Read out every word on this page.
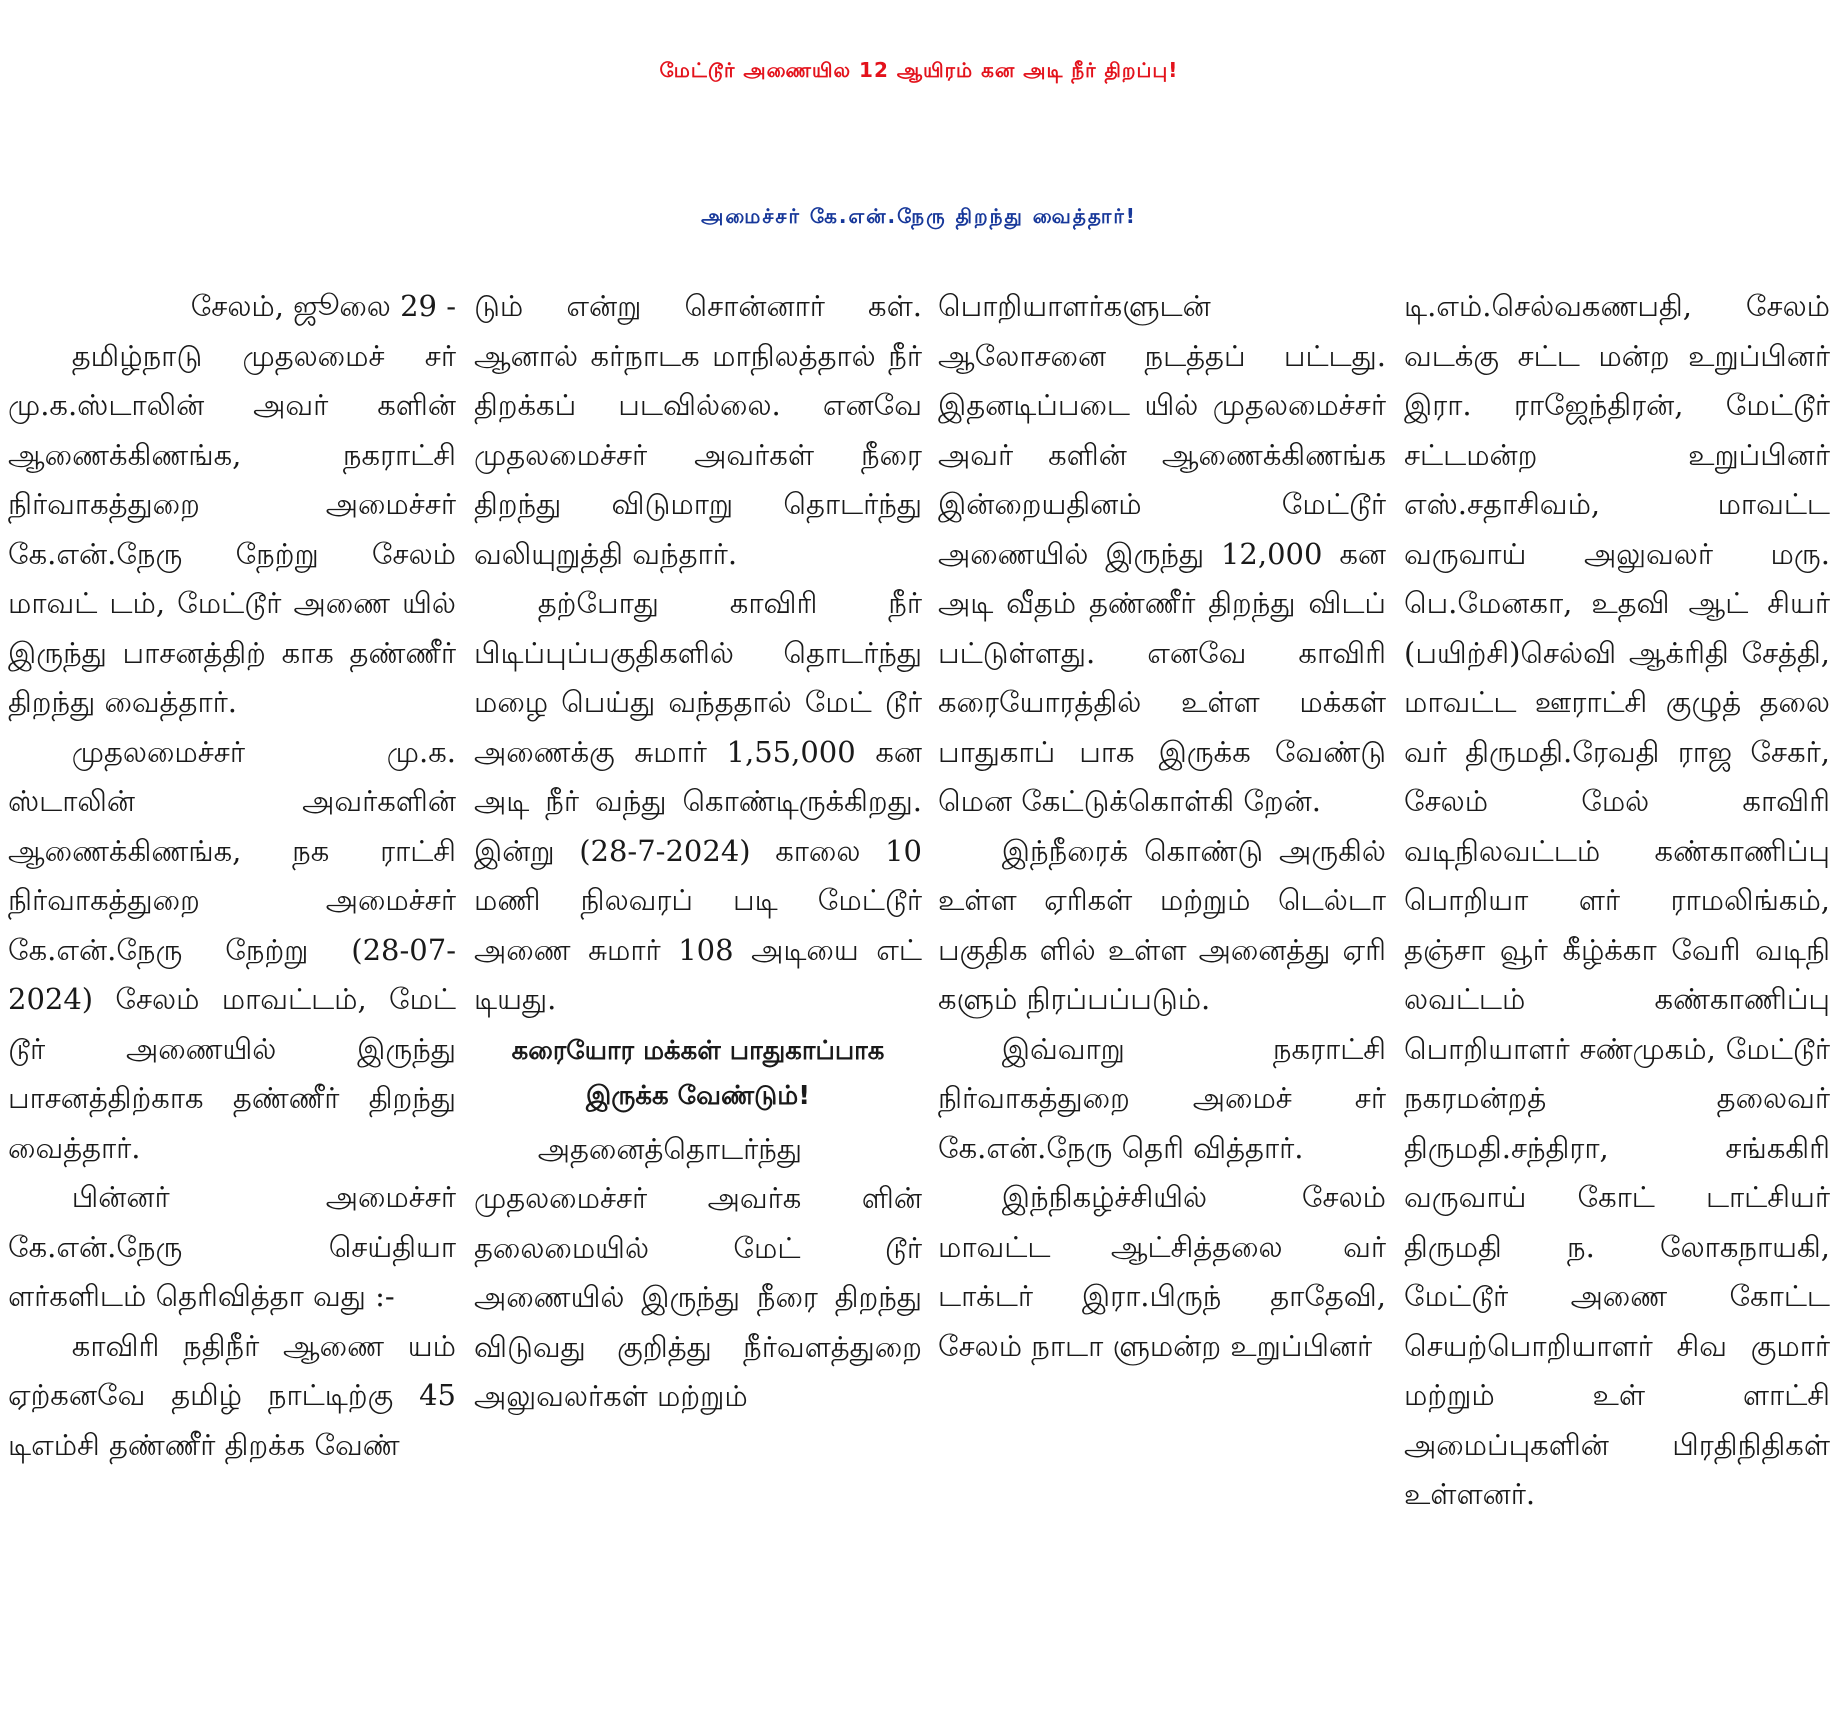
மேட்டூர் அணையில 12 ஆயிரம் கன அடி நீர் திறப்பு!
அமைச்சர் கே.என்.நேரு திறந்து வைத்தார்!

சேலம், ஜூலை 29 -

தமிழ்நாடு முதலமைச் சர் மு.க.ஸ்டாலின் அவர் களின் ஆணைக்கிணங்க, நகராட்சி நிர்வாகத்துறை அமைச்சர் கே.என்.நேரு நேற்று சேலம் மாவட் டம், மேட்டூர் அணை யில் இருந்து பாசனத்திற் காக தண்ணீர் திறந்து வைத்தார்.

முதலமைச்சர் மு.க. ஸ்டாலின் அவர்களின் ஆணைக்கிணங்க, நக ராட்சி நிர்வாகத்துறை அமைச்சர் கே.என்.நேரு நேற்று (28-07-2024) சேலம் மாவட்டம், மேட் டூர் அணையில் இருந்து பாசனத்திற்காக தண்ணீர் திறந்து வைத்தார்.

பின்னர் அமைச்சர் கே.என்.நேரு செய்தியா ளர்களிடம் தெரிவித்தா வது :-

காவிரி நதிநீர் ஆணை யம் ஏற்கனவே தமிழ் நாட்டிற்கு 45 டிஎம்சி தண்ணீர் திறக்க வேண்

டும் என்று சொன்னார் கள். ஆனால் கர்நாடக மாநிலத்தால் நீர் திறக்கப் படவில்லை. எனவே முதலமைச்சர் அவர்கள் நீரை திறந்து விடுமாறு தொடர்ந்து வலியுறுத்தி வந்தார்.

தற்போது காவிரி நீர் பிடிப்புப்பகுதிகளில் தொடர்ந்து மழை பெய்து வந்ததால் மேட் டூர் அணைக்கு சுமார் 1,55,000 கன அடி நீர் வந்து கொண்டிருக்கிறது. இன்று (28-7-2024) காலை 10 மணி நிலவரப் படி மேட்டூர் அணை சுமார் 108 அடியை எட் டியது.

கரையோர மக்கள் பாதுகாப்பாக இருக்க வேண்டும்!

அதனைத்தொடர்ந்து முதலமைச்சர் அவர்க ளின் தலைமையில் மேட் டூர் அணையில் இருந்து நீரை திறந்து விடுவது குறித்து நீர்வளத்துறை அலுவலர்கள் மற்றும்

பொறியாளர்களுடன் ஆலோசனை நடத்தப் பட்டது. இதனடிப்படை யில் முதலமைச்சர் அவர் களின் ஆணைக்கிணங்க இன்றையதினம் மேட்டூர் அணையில் இருந்து 12,000 கன அடி வீதம் தண்ணீர் திறந்து விடப் பட்டுள்ளது. எனவே காவிரி கரையோரத்தில் உள்ள மக்கள் பாதுகாப் பாக இருக்க வேண்டு மென கேட்டுக்கொள்கி றேன்.

இந்நீரைக் கொண்டு அருகில் உள்ள ஏரிகள் மற்றும் டெல்டா பகுதிக ளில் உள்ள அனைத்து ஏரி களும் நிரப்பப்படும்.

இவ்வாறு நகராட்சி நிர்வாகத்துறை அமைச் சர் கே.என்.நேரு தெரி வித்தார்.

இந்நிகழ்ச்சியில் சேலம் மாவட்ட ஆட்சித்தலை வர் டாக்டர் இரா.பிருந் தாதேவி, சேலம் நாடா ளுமன்ற உறுப்பினர்

டி.எம்.செல்வகணபதி, சேலம் வடக்கு சட்ட மன்ற உறுப்பினர் இரா. ராஜேந்திரன், மேட்டூர் சட்டமன்ற உறுப்பினர் எஸ்.சதாசிவம், மாவட்ட வருவாய் அலுவலர் மரு. பெ.மேனகா, உதவி ஆட் சியர் (பயிற்சி)செல்வி ஆக்ரிதி சேத்தி, மாவட்ட ஊராட்சி குழுத் தலை வர் திருமதி.ரேவதி ராஜ சேகர், சேலம் மேல் காவிரி வடிநிலவட்டம் கண்காணிப்பு பொறியா ளர் ராமலிங்கம், தஞ்சா வூர் கீழ்க்கா வேரி வடிநி லவட்டம் கண்காணிப்பு பொறியாளர் சண்முகம், மேட்டூர் நகரமன்றத் தலைவர் திருமதி.சந்திரா, சங்ககிரி வருவாய் கோட் டாட்சியர் திருமதி ந. லோகநாயகி, மேட்டூர் அணை கோட்ட செயற்பொறியாளர் சிவ குமார் மற்றும் உள் ளாட்சி அமைப்புகளின் பிரதிநிதிகள் உள்ளனர்.
